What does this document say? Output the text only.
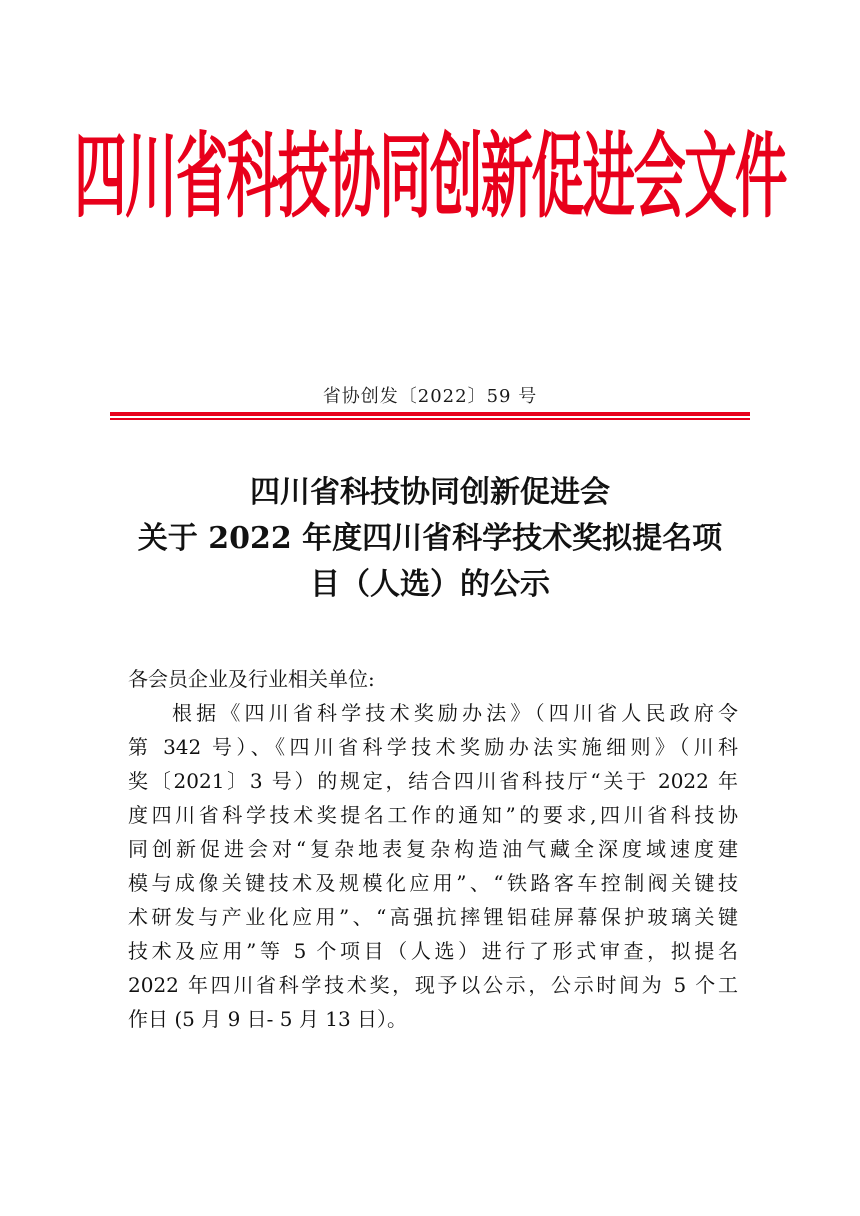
四川省科技协同创新促进会文件
省协创发〔2022〕59 号
四川省科技协同创新促进会
关于 2022 年度四川省科学技术奖拟提名项
目（人选）的公示
各会员企业及行业相关单位:
根据《四川省科学技术奖励办法》（四川省人民政府令
第 342 号）、《四川省科学技术奖励办法实施细则》（川科
奖〔2021〕3 号）的规定，结合四川省科技厅“关于 2022 年
度四川省科学技术奖提名工作的通知”的要求,四川省科技协
同创新促进会对“复杂地表复杂构造油气藏全深度域速度建
模与成像关键技术及规模化应用”、“铁路客车控制阀关键技
术研发与产业化应用”、“高强抗摔锂铝硅屏幕保护玻璃关键
技术及应用”等 5 个项目（人选）进行了形式审查，拟提名
2022 年四川省科学技术奖，现予以公示，公示时间为 5 个工
作日 (5 月 9 日- 5 月 13 日）。
